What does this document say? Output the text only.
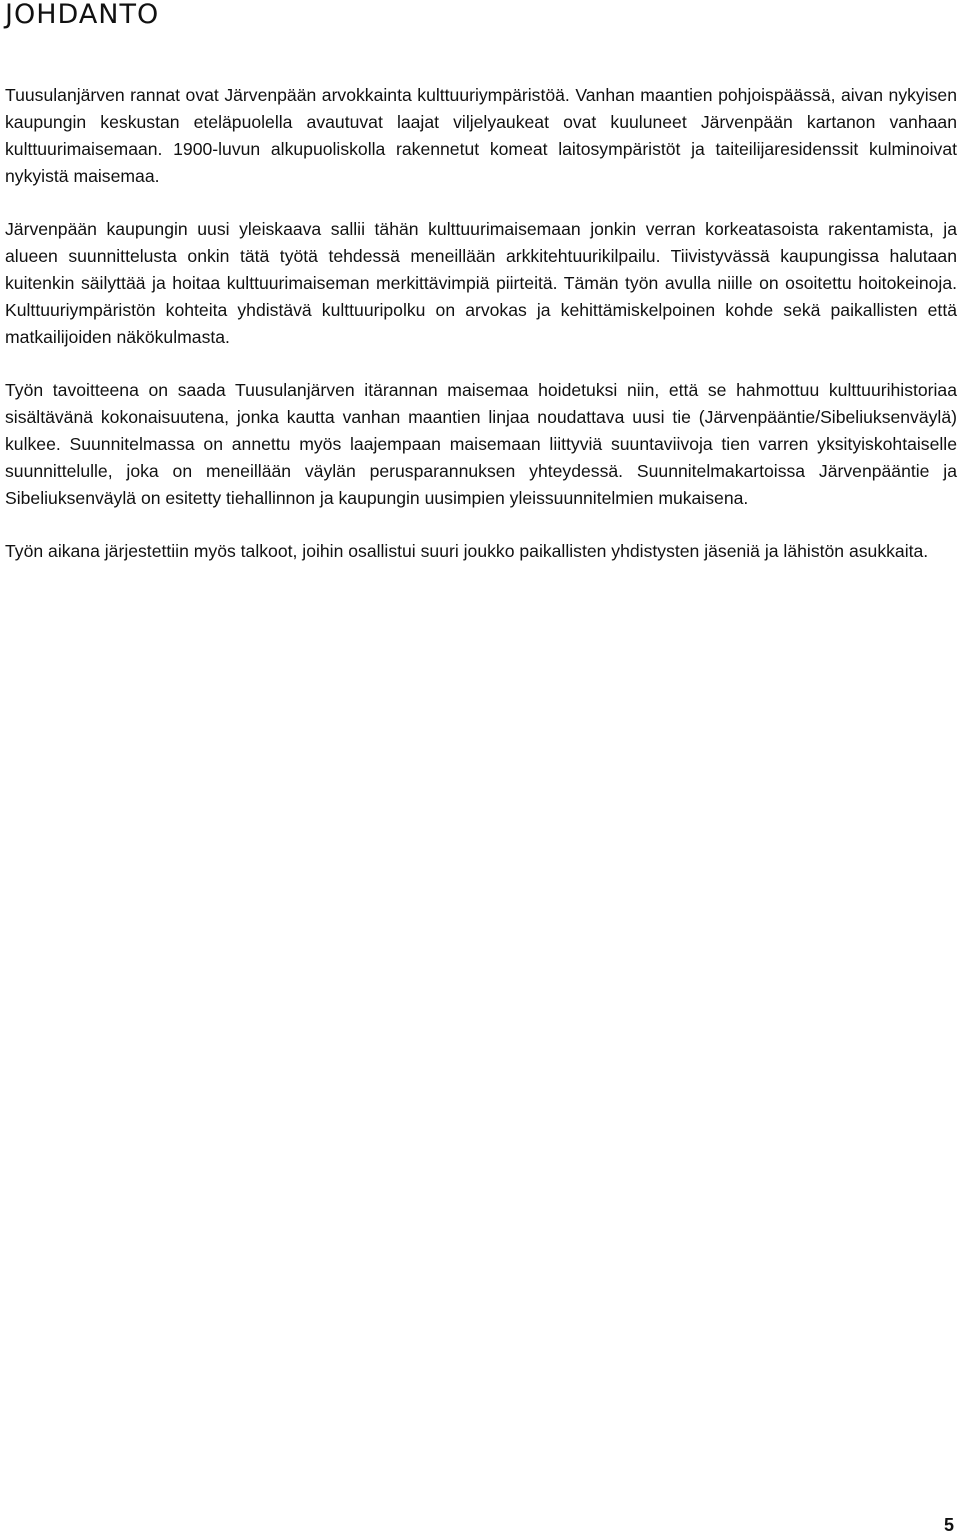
JOHDANTO

Tuusulanjärven rannat ovat Järvenpään arvokkainta kulttuuriympäristöä. Vanhan maantien pohjoispäässä, aivan nykyisen kaupungin keskustan eteläpuolella avautuvat laajat viljelyaukeat ovat kuuluneet Järvenpään kartanon vanhaan kulttuurimaisemaan. 1900-luvun alkupuoliskolla rakennetut komeat laitosympäristöt ja taiteilijaresidenssit kulminoivat nykyistä maisemaa.

Järvenpään kaupungin uusi yleiskaava sallii tähän kulttuurimaisemaan jonkin verran korkeatasoista rakentamista, ja alueen suunnittelusta onkin tätä työtä tehdessä meneillään arkkitehtuurikilpailu. Tiivistyvässä kaupungissa halutaan kuitenkin säilyttää ja hoitaa kulttuurimaiseman merkittävimpiä piirteitä. Tämän työn avulla niille on osoitettu hoitokeinoja. Kulttuuriympäristön kohteita yhdistävä kulttuuripolku on arvokas ja kehittämiskelpoinen kohde sekä paikallisten että matkailijoiden näkökulmasta.

Työn tavoitteena on saada Tuusulanjärven itärannan maisemaa hoidetuksi niin, että se hahmottuu kulttuurihistoriaa sisältävänä kokonaisuutena, jonka kautta vanhan maantien linjaa noudattava uusi tie (Järvenpääntie/Sibeliuksenväylä) kulkee. Suunnitelmassa on annettu myös laajempaan maisemaan liittyviä suuntaviivoja tien varren yksityiskohtaiselle suunnittelulle, joka on meneillään väylän perusparannuksen yhteydessä. Suunnitelmakartoissa Järvenpääntie ja Sibeliuksenväylä on esitetty tiehallinnon ja kaupungin uusimpien yleissuunnitelmien mukaisena.

Työn aikana järjestettiin myös talkoot, joihin osallistui suuri joukko paikallisten yhdistysten jäseniä ja lähistön asukkaita.

5
